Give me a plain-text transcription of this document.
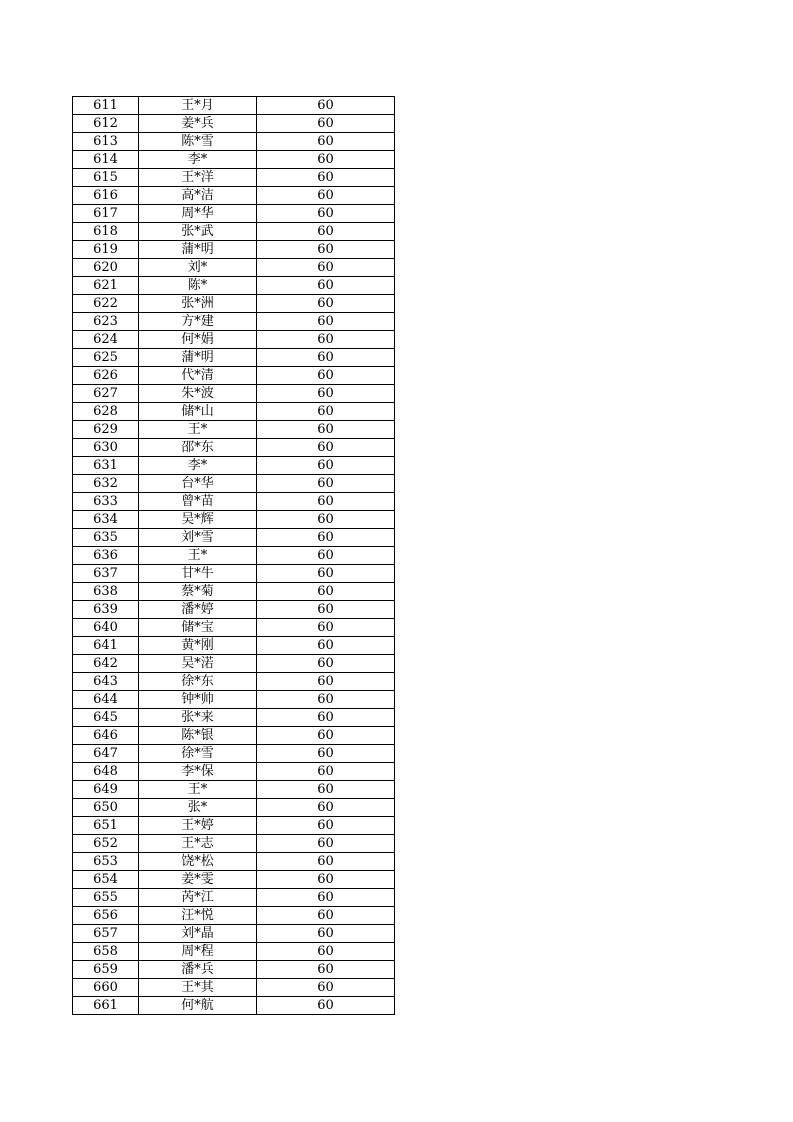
611	王*月	60
612	姜*兵	60
613	陈*雪	60
614	李*	60
615	王*洋	60
616	高*洁	60
617	周*华	60
618	张*武	60
619	蒲*明	60
620	刘*	60
621	陈*	60
622	张*洲	60
623	方*建	60
624	何*娟	60
625	蒲*明	60
626	代*清	60
627	朱*波	60
628	储*山	60
629	王*	60
630	邵*东	60
631	李*	60
632	台*华	60
633	曾*苗	60
634	吴*辉	60
635	刘*雪	60
636	王*	60
637	甘*牛	60
638	蔡*菊	60
639	潘*婷	60
640	储*宝	60
641	黄*刚	60
642	吴*渃	60
643	徐*东	60
644	钟*帅	60
645	张*来	60
646	陈*银	60
647	徐*雪	60
648	李*保	60
649	王*	60
650	张*	60
651	王*婷	60
652	王*志	60
653	饶*松	60
654	姜*雯	60
655	芮*江	60
656	汪*悦	60
657	刘*晶	60
658	周*程	60
659	潘*兵	60
660	王*其	60
661	何*航	60
